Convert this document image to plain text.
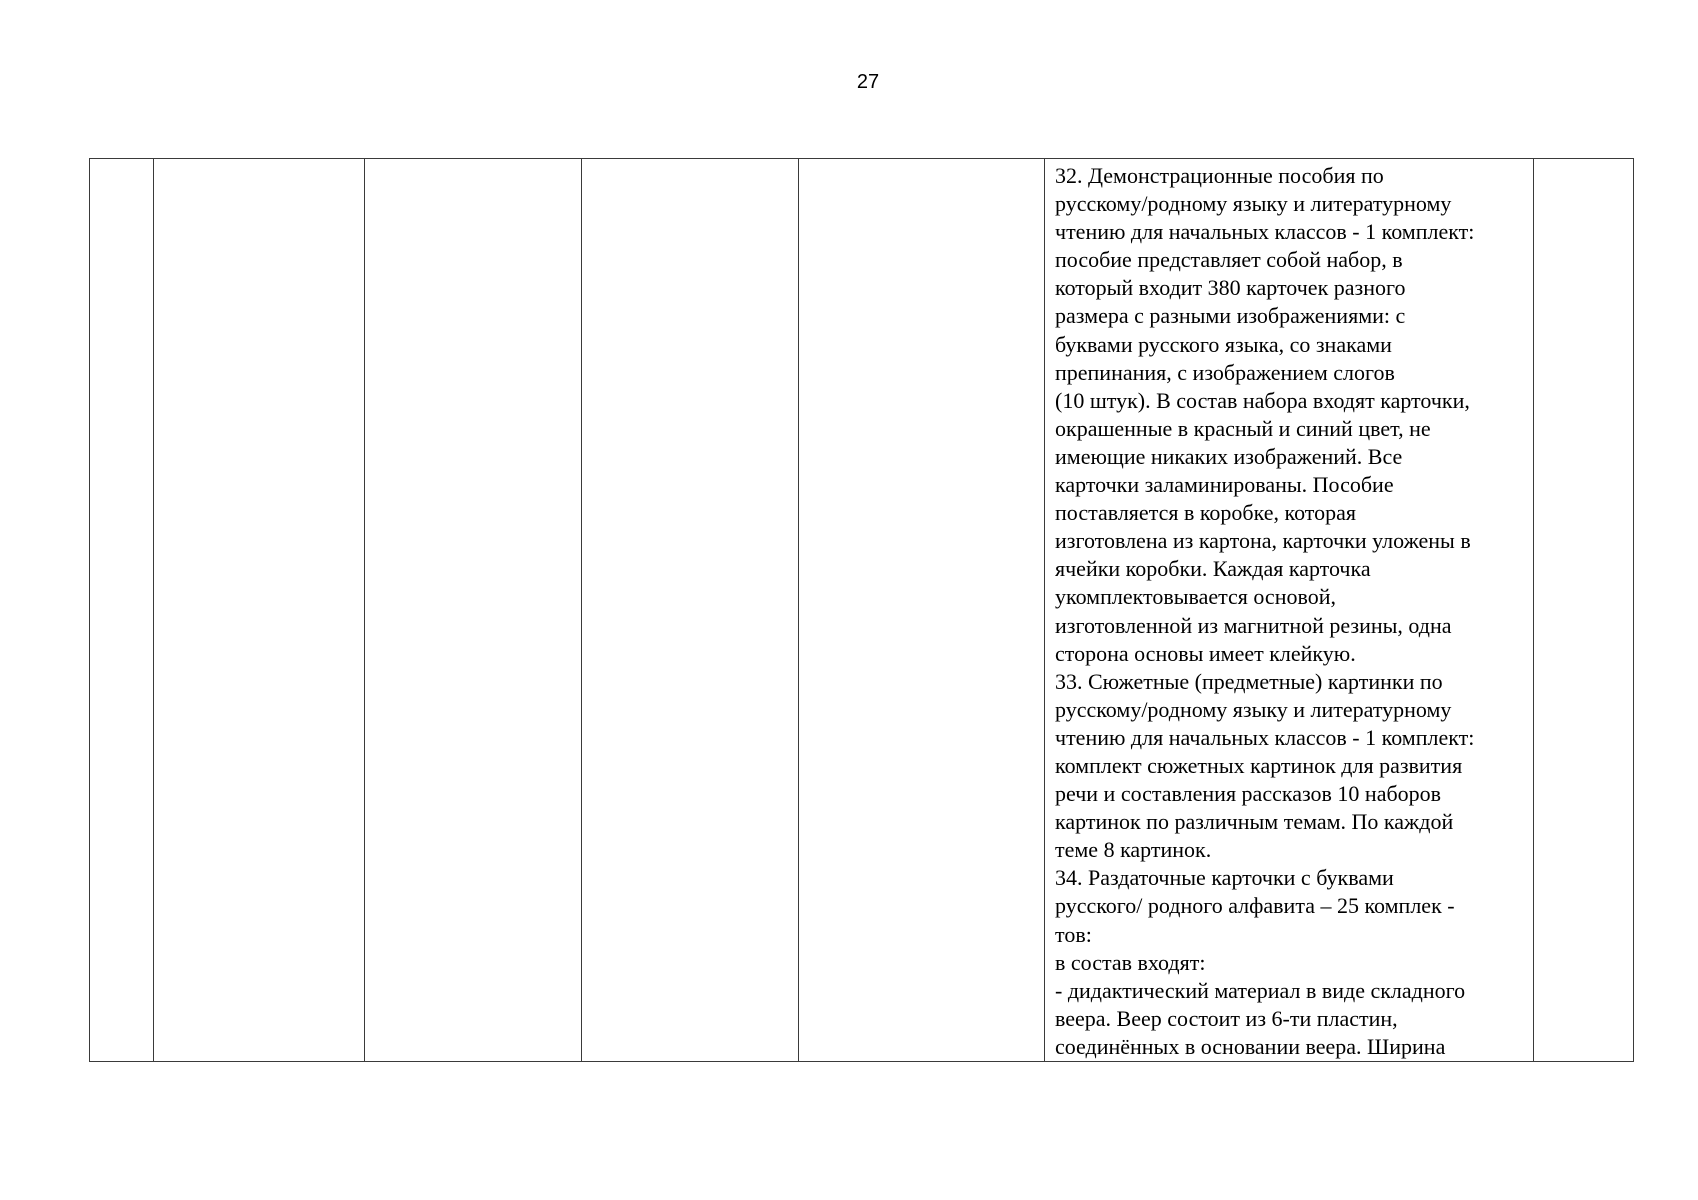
27

32. Демонстрационные пособия по
русскому/родному языку и литературному
чтению для начальных классов - 1 комплект:
пособие представляет собой набор, в
который входит 380 карточек разного
размера с разными изображениями: с
буквами русского языка, со знаками
препинания, с изображением слогов
(10 штук). В состав набора входят карточки,
окрашенные в красный и синий цвет, не
имеющие никаких изображений. Все
карточки заламинированы. Пособие
поставляется в коробке, которая
изготовлена из картона, карточки уложены в
ячейки коробки. Каждая карточка
укомплектовывается основой,
изготовленной из магнитной резины, одна
сторона основы имеет клейкую.
33. Сюжетные (предметные) картинки по
русскому/родному языку и литературному
чтению для начальных классов - 1 комплект:
комплект сюжетных картинок для развития
речи и составления рассказов 10 наборов
картинок по различным темам. По каждой
теме 8 картинок.
34. Раздаточные карточки с буквами
русского/ родного алфавита – 25 комплек -
тов:
в состав входят:
- дидактический материал в виде складного
веера. Веер состоит из 6-ти пластин,
соединённых в основании веера. Ширина
